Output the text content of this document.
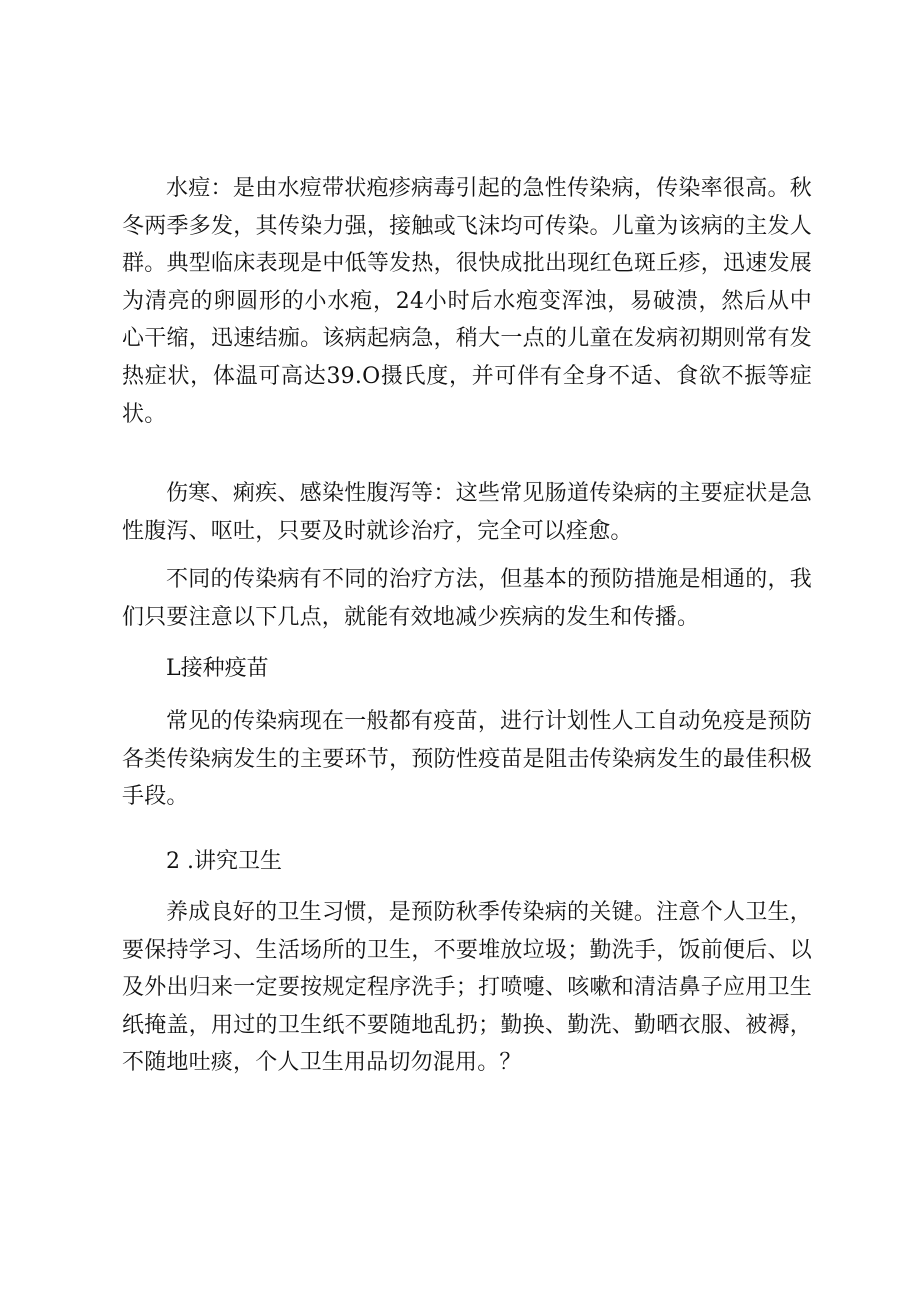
水痘：是由水痘带状疱疹病毒引起的急性传染病，传染率很高。秋冬两季多发，其传染力强，接触或飞沫均可传染。儿童为该病的主发人群。典型临床表现是中低等发热，很快成批出现红色斑丘疹，迅速发展为清亮的卵圆形的小水疱，24小时后水疱变浑浊，易破溃，然后从中心干缩，迅速结痂。该病起病急，稍大一点的儿童在发病初期则常有发热症状，体温可高达39.O摄氏度，并可伴有全身不适、食欲不振等症状。

伤寒、痢疾、感染性腹泻等：这些常见肠道传染病的主要症状是急性腹泻、呕吐，只要及时就诊治疗，完全可以痊愈。

不同的传染病有不同的治疗方法，但基本的预防措施是相通的，我们只要注意以下几点，就能有效地减少疾病的发生和传播。

L接种疫苗

常见的传染病现在一般都有疫苗，进行计划性人工自动免疫是预防各类传染病发生的主要环节，预防性疫苗是阻击传染病发生的最佳积极手段。

2 .讲究卫生

养成良好的卫生习惯，是预防秋季传染病的关键。注意个人卫生，要保持学习、生活场所的卫生，不要堆放垃圾；勤洗手，饭前便后、以及外出归来一定要按规定程序洗手；打喷嚏、咳嗽和清洁鼻子应用卫生纸掩盖，用过的卫生纸不要随地乱扔；勤换、勤洗、勤晒衣服、被褥，不随地吐痰，个人卫生用品切勿混用。？
